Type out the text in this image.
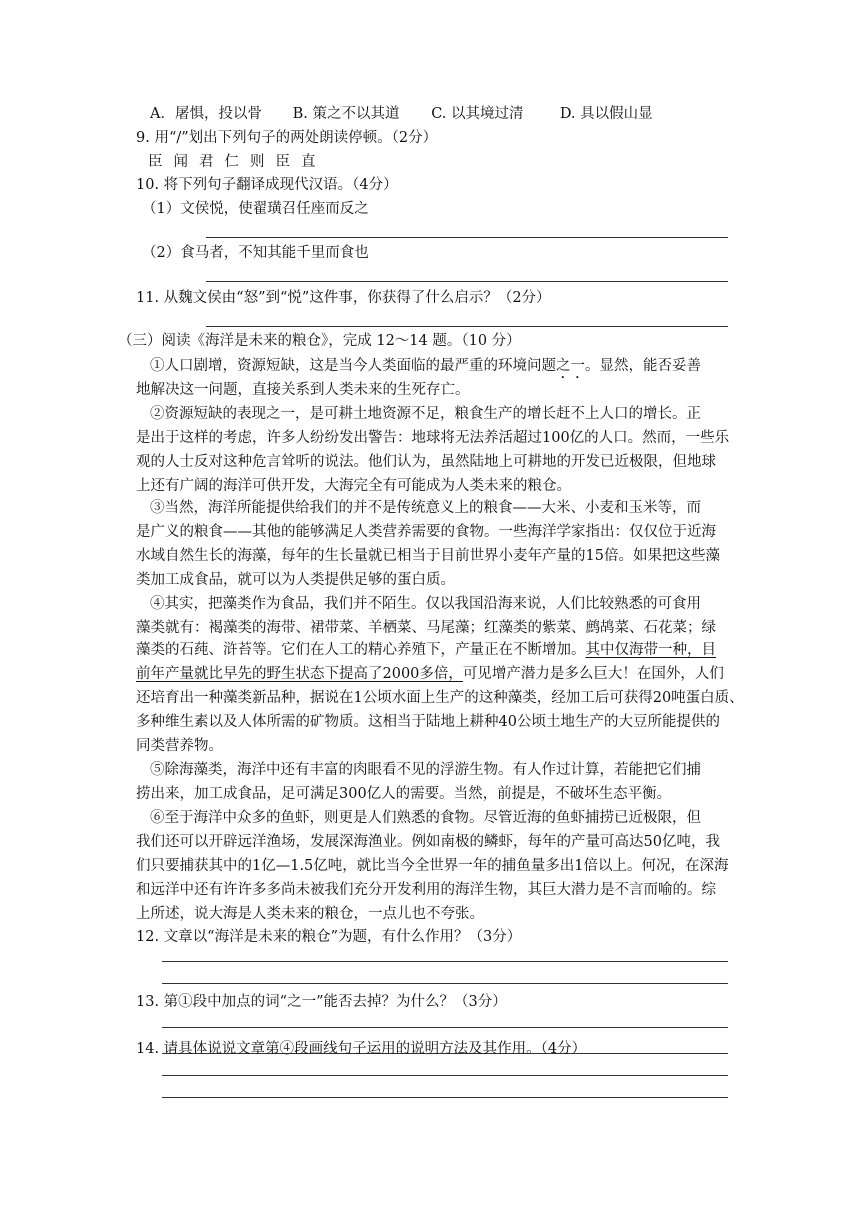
A．屠惧，投以骨 B. 策之不以其道 C. 以其境过清	D. 具以假山显
9. 用“/”划出下列句子的两处朗读停顿。（2分）
臣闻君仁则臣直
10. 将下列句子翻译成现代汉语。（4分）
（1）文侯悦，使翟璜召任座而反之
（2）食马者，不知其能千里而食也
11. 从魏文侯由“怒”到“悦”这件事，你获得了什么启示？（2分）
（三）阅读《海洋是未来的粮仓》，完成 12～14 题。（10 分）
①人口剧增，资源短缺，这是当今人类面临的最严重的环境问题之一。显然，能否妥善
地解决这一问题，直接关系到人类未来的生死存亡。
②资源短缺的表现之一，是可耕土地资源不足，粮食生产的增长赶不上人口的增长。正
是出于这样的考虑，许多人纷纷发出警告：地球将无法养活超过100亿的人口。然而，一些乐
观的人士反对这种危言耸听的说法。他们认为，虽然陆地上可耕地的开发已近极限，但地球
上还有广阔的海洋可供开发，大海完全有可能成为人类未来的粮仓。
③当然，海洋所能提供给我们的并不是传统意义上的粮食——大米、小麦和玉米等，而
是广义的粮食——其他的能够满足人类营养需要的食物。一些海洋学家指出：仅仅位于近海
水域自然生长的海藻，每年的生长量就已相当于目前世界小麦年产量的15倍。如果把这些藻
类加工成食品，就可以为人类提供足够的蛋白质。
④其实，把藻类作为食品，我们并不陌生。仅以我国沿海来说，人们比较熟悉的可食用
藻类就有：褐藻类的海带、裙带菜、羊栖菜、马尾藻；红藻类的紫菜、鹧鸪菜、石花菜；绿
藻类的石莼、浒苔等。它们在人工的精心养殖下，产量正在不断增加。其中仅海带一种，目
前年产量就比早先的野生状态下提高了2000多倍，可见增产潜力是多么巨大！在国外，人们
还培育出一种藻类新品种，据说在1公顷水面上生产的这种藻类，经加工后可获得20吨蛋白质、
多种维生素以及人体所需的矿物质。这相当于陆地上耕种40公顷土地生产的大豆所能提供的
同类营养物。
⑤除海藻类，海洋中还有丰富的肉眼看不见的浮游生物。有人作过计算，若能把它们捕
捞出来，加工成食品，足可满足300亿人的需要。当然，前提是，不破坏生态平衡。
⑥至于海洋中众多的鱼虾，则更是人们熟悉的食物。尽管近海的鱼虾捕捞已近极限，但
我们还可以开辟远洋渔场，发展深海渔业。例如南极的鳞虾，每年的产量可高达50亿吨，我
们只要捕获其中的1亿—1.5亿吨，就比当今全世界一年的捕鱼量多出1倍以上。何况，在深海
和远洋中还有许许多多尚未被我们充分开发利用的海洋生物，其巨大潜力是不言而喻的。综
上所述，说大海是人类未来的粮仓，一点儿也不夸张。
12. 文章以“海洋是未来的粮仓”为题，有什么作用？（3分）
13. 第①段中加点的词“之一”能否去掉？为什么？（3分）
14. 请具体说说文章第④段画线句子运用的说明方法及其作用。（4分）
